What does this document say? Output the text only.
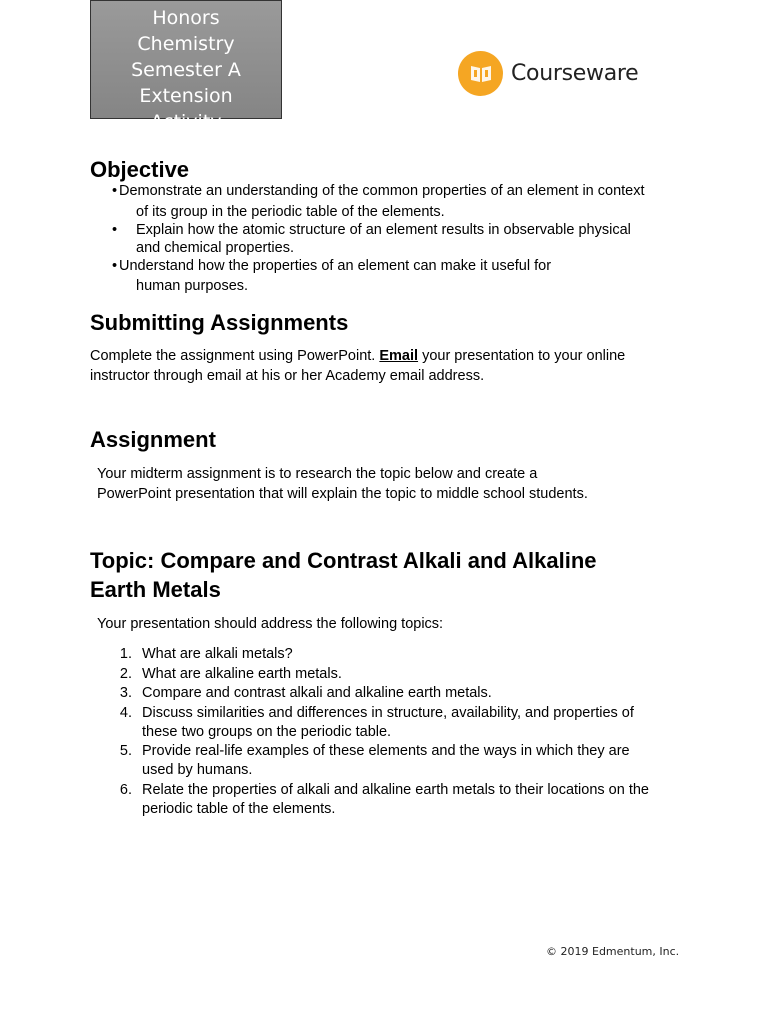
Honors
Chemistry
Semester A
Extension
Activity
Courseware
Objective
• Demonstrate an understanding of the common properties of an element in context
of its group in the periodic table of the elements.
• Explain how the atomic structure of an element results in observable physical
and chemical properties.
• Understand how the properties of an element can make it useful for
human purposes.
Submitting Assignments
Complete the assignment using PowerPoint. Email your presentation to your online
instructor through email at his or her Academy email address.
Assignment
Your midterm assignment is to research the topic below and create a
PowerPoint presentation that will explain the topic to middle school students.
Topic: Compare and Contrast Alkali and Alkaline
Earth Metals
Your presentation should address the following topics:
1. What are alkali metals?
2. What are alkaline earth metals.
3. Compare and contrast alkali and alkaline earth metals.
4. Discuss similarities and differences in structure, availability, and properties of
these two groups on the periodic table.
5. Provide real-life examples of these elements and the ways in which they are
used by humans.
6. Relate the properties of alkali and alkaline earth metals to their locations on the
periodic table of the elements.
© 2019 Edmentum, Inc.
